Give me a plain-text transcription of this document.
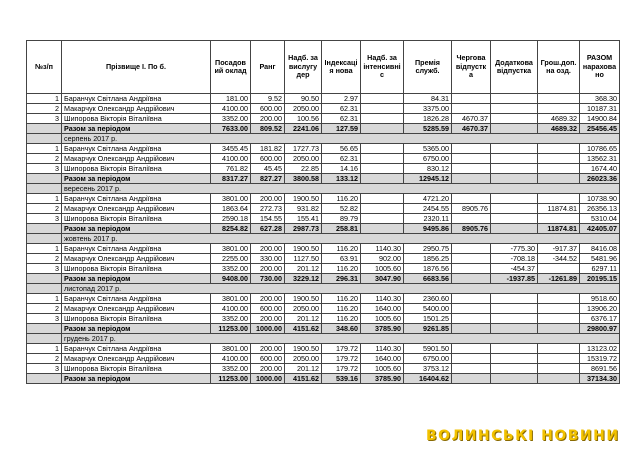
№з/п	Прізвище І. По б.	Посадов ий оклад	Ранг	Надб. за вислугу дер	Індексаці я нова	Надб. за інтенсивні с	Премія служб.	Чергова відпустк а	Додаткова відпустка	Грош.доп. на озд.	РАЗОМ нарахова но
1	Баранчук Світлана Андріївна	181.00	9.52	90.50	2.97		84.31				368.30
2	Макарчук Олександр Андрійович	4100.00	600.00	2050.00	62.31		3375.00				10187.31
3	Шипорова Вікторія Віталіївна	3352.00	200.00	100.56	62.31		1826.28	4670.37		4689.32	14900.84
	Разом за періодом	7633.00	809.52	2241.06	127.59		5285.59	4670.37		4689.32	25456.45
	серпень 2017 р.										
1	Баранчук Світлана Андріївна	3455.45	181.82	1727.73	56.65		5365.00				10786.65
2	Макарчук Олександр Андрійович	4100.00	600.00	2050.00	62.31		6750.00				13562.31
3	Шипорова Вікторія Віталіївна	761.82	45.45	22.85	14.16		830.12				1674.40
	Разом за періодом	8317.27	827.27	3800.58	133.12		12945.12				26023.36
	вересень 2017 р.										
1	Баранчук Світлана Андріївна	3801.00	200.00	1900.50	116.20		4721.20				10738.90
2	Макарчук Олександр Андрійович	1863.64	272.73	931.82	52.82		2454.55	8905.76		11874.81	26356.13
3	Шипорова Вікторія Віталіївна	2590.18	154.55	155.41	89.79		2320.11				5310.04
	Разом за періодом	8254.82	627.28	2987.73	258.81		9495.86	8905.76		11874.81	42405.07
	жовтень 2017 р.										
1	Баранчук Світлана Андріївна	3801.00	200.00	1900.50	116.20	1140.30	2950.75		-775.30	-917.37	8416.08
2	Макарчук Олександр Андрійович	2255.00	330.00	1127.50	63.91	902.00	1856.25		-708.18	-344.52	5481.96
3	Шипорова Вікторія Віталіївна	3352.00	200.00	201.12	116.20	1005.60	1876.56		-454.37		6297.11
	Разом за періодом	9408.00	730.00	3229.12	296.31	3047.90	6683.56		-1937.85	-1261.89	20195.15
	листопад 2017 р.										
1	Баранчук Світлана Андріївна	3801.00	200.00	1900.50	116.20	1140.30	2360.60				9518.60
2	Макарчук Олександр Андрійович	4100.00	600.00	2050.00	116.20	1640.00	5400.00				13906.20
3	Шипорова Вікторія Віталіївна	3352.00	200.00	201.12	116.20	1005.60	1501.25				6376.17
	Разом за періодом	11253.00	1000.00	4151.62	348.60	3785.90	9261.85				29800.97
	грудень 2017 р.										
1	Баранчук Світлана Андріївна	3801.00	200.00	1900.50	179.72	1140.30	5901.50				13123.02
2	Макарчук Олександр Андрійович	4100.00	600.00	2050.00	179.72	1640.00	6750.00				15319.72
3	Шипорова Вікторія Віталіївна	3352.00	200.00	201.12	179.72	1005.60	3753.12				8691.56
	Разом за періодом	11253.00	1000.00	4151.62	539.16	3785.90	16404.62				37134.30
ВОЛИНСЬКІ НОВИНИ
